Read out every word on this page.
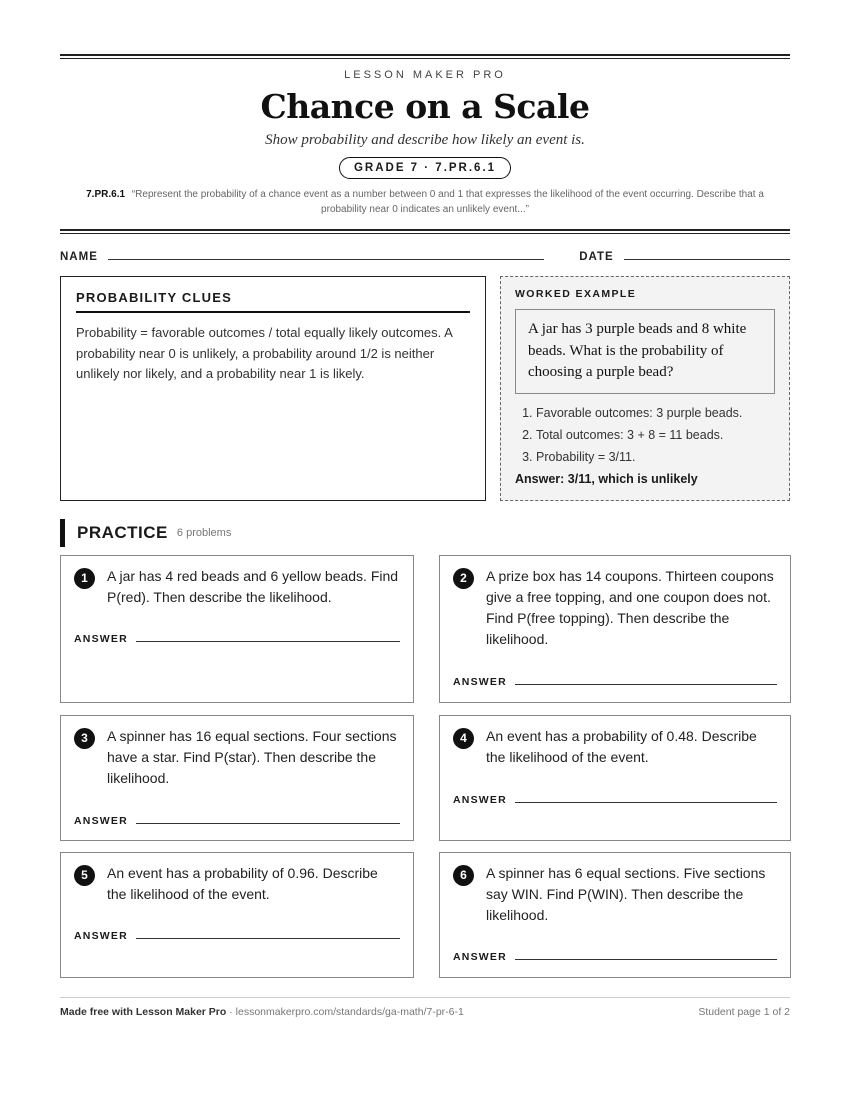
LESSON MAKER PRO
Chance on a Scale
Show probability and describe how likely an event is.
GRADE 7 · 7.PR.6.1
7.PR.6.1 “Represent the probability of a chance event as a number between 0 and 1 that expresses the likelihood of the event occurring. Describe that a probability near 0 indicates an unlikely event...”
NAME	DATE
PROBABILITY CLUES

Probability = favorable outcomes / total equally likely outcomes. A probability near 0 is unlikely, a probability around 1/2 is neither unlikely nor likely, and a probability near 1 is likely.

WORKED EXAMPLE
A jar has 3 purple beads and 8 white beads. What is the probability of choosing a purple bead?
1. Favorable outcomes: 3 purple beads.
2. Total outcomes: 3 + 8 = 11 beads.
3. Probability = 3/11.
Answer: 3/11, which is unlikely
PRACTICE 6 problems
1	A jar has 4 red beads and 6 yellow beads. Find P(red). Then describe the likelihood.
ANSWER
2	A prize box has 14 coupons. Thirteen coupons give a free topping, and one coupon does not. Find P(free topping). Then describe the likelihood.
ANSWER
3	A spinner has 16 equal sections. Four sections have a star. Find P(star). Then describe the likelihood.
ANSWER
4	An event has a probability of 0.48. Describe the likelihood of the event.
ANSWER
5	An event has a probability of 0.96. Describe the likelihood of the event.
ANSWER
6	A spinner has 6 equal sections. Five sections say WIN. Find P(WIN). Then describe the likelihood.
ANSWER
Made free with Lesson Maker Pro · lessonmakerpro.com/standards/ga-math/7-pr-6-1	Student page 1 of 2
